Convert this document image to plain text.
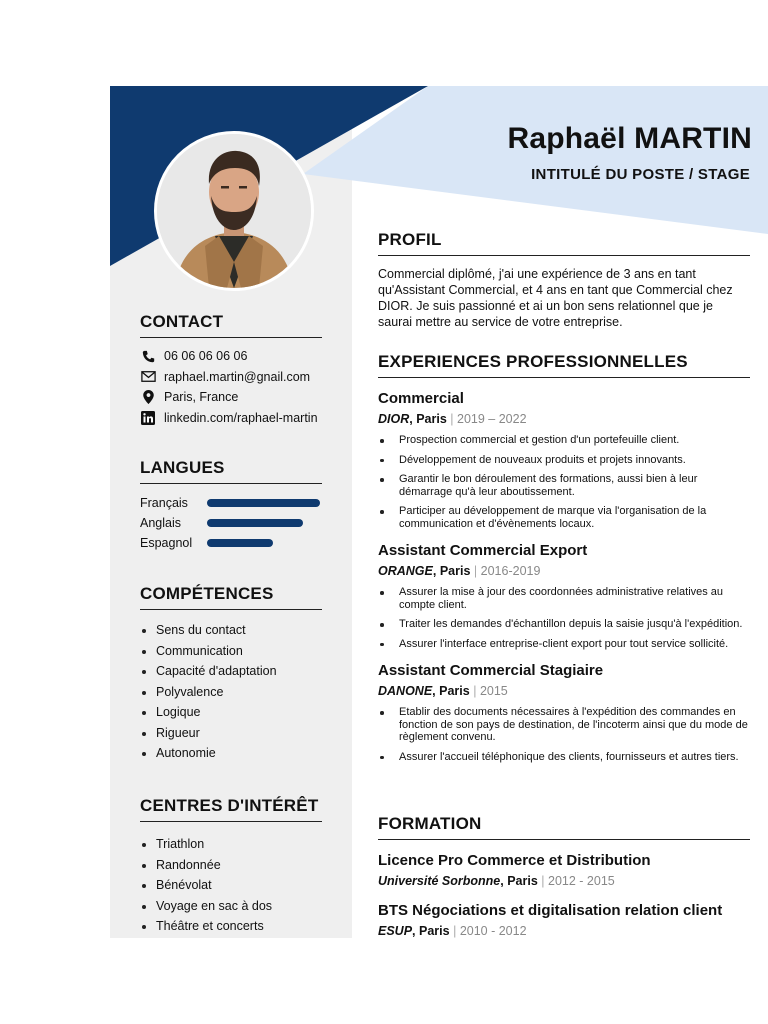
Raphaël MARTIN
INTITULÉ DU POSTE / STAGE
CONTACT
06 06 06 06 06
raphael.martin@gnail.com
Paris, France
linkedin.com/raphael-martin
LANGUES
Français
Anglais
Espagnol
COMPÉTENCES
Sens du contact
Communication
Capacité d'adaptation
Polyvalence
Logique
Rigueur
Autonomie
CENTRES D'INTÉRÊT
Triathlon
Randonnée
Bénévolat
Voyage en sac à dos
Théâtre et concerts
PROFIL
Commercial diplômé, j'ai une expérience de 3 ans en tant qu'Assistant Commercial, et 4 ans en tant que Commercial chez DIOR. Je suis passionné et ai un bon sens relationnel que je saurai mettre au service de votre entreprise.
EXPERIENCES PROFESSIONNELLES
Commercial
DIOR, Paris | 2019 – 2022
Prospection commercial et gestion d'un portefeuille client.
Développement de nouveaux produits et projets innovants.
Garantir le bon déroulement des formations, aussi bien à leur démarrage qu'à leur aboutissement.
Participer au développement de marque via l'organisation de la communication et d'évènements locaux.
Assistant Commercial Export
ORANGE, Paris | 2016-2019
Assurer la mise à jour des coordonnées administrative relatives au compte client.
Traiter les demandes d'échantillon depuis la saisie jusqu'à l'expédition.
Assurer l'interface entreprise-client export pour tout service sollicité.
Assistant Commercial Stagiaire
DANONE, Paris | 2015
Etablir des documents nécessaires à l'expédition des commandes en fonction de son pays de destination, de l'incoterm ainsi que du mode de règlement convenu.
Assurer l'accueil téléphonique des clients, fournisseurs et autres tiers.
FORMATION
Licence Pro Commerce et Distribution
Université Sorbonne, Paris | 2012 - 2015
BTS Négociations et digitalisation relation client
ESUP, Paris | 2010 - 2012
